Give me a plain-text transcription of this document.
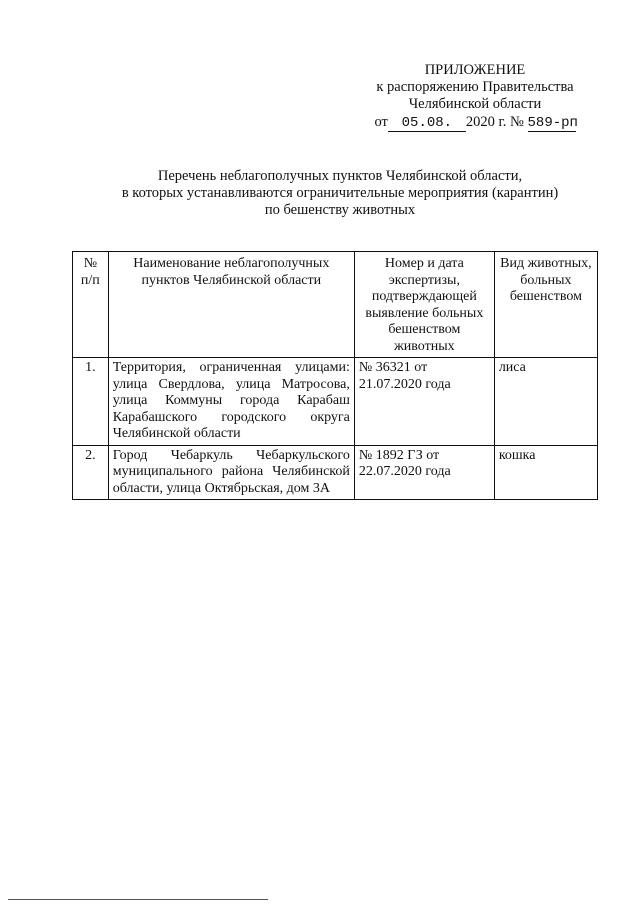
ПРИЛОЖЕНИЕ
к распоряжению Правительства
Челябинской области
от 05.08. 2020 г. № 589-рп
Перечень неблагополучных пунктов Челябинской области,
в которых устанавливаются ограничительные мероприятия (карантин)
по бешенству животных
№ п/п	Наименование неблагополучных пунктов Челябинской области	Номер и дата экспертизы, подтверждающей выявление больных бешенством животных	Вид животных, больных бешенством
1.	Территория, ограниченная улицами: улица Свердлова, улица Матросова, улица Коммуны города Карабаш Карабашского городского округа Челябинской области	№ 36321 от 21.07.2020 года	лиса
2.	Город Чебаркуль Чебаркульского муниципального района Челябинской области, улица Октябрьская, дом 3А	№ 1892 ГЗ от 22.07.2020 года	кошка
